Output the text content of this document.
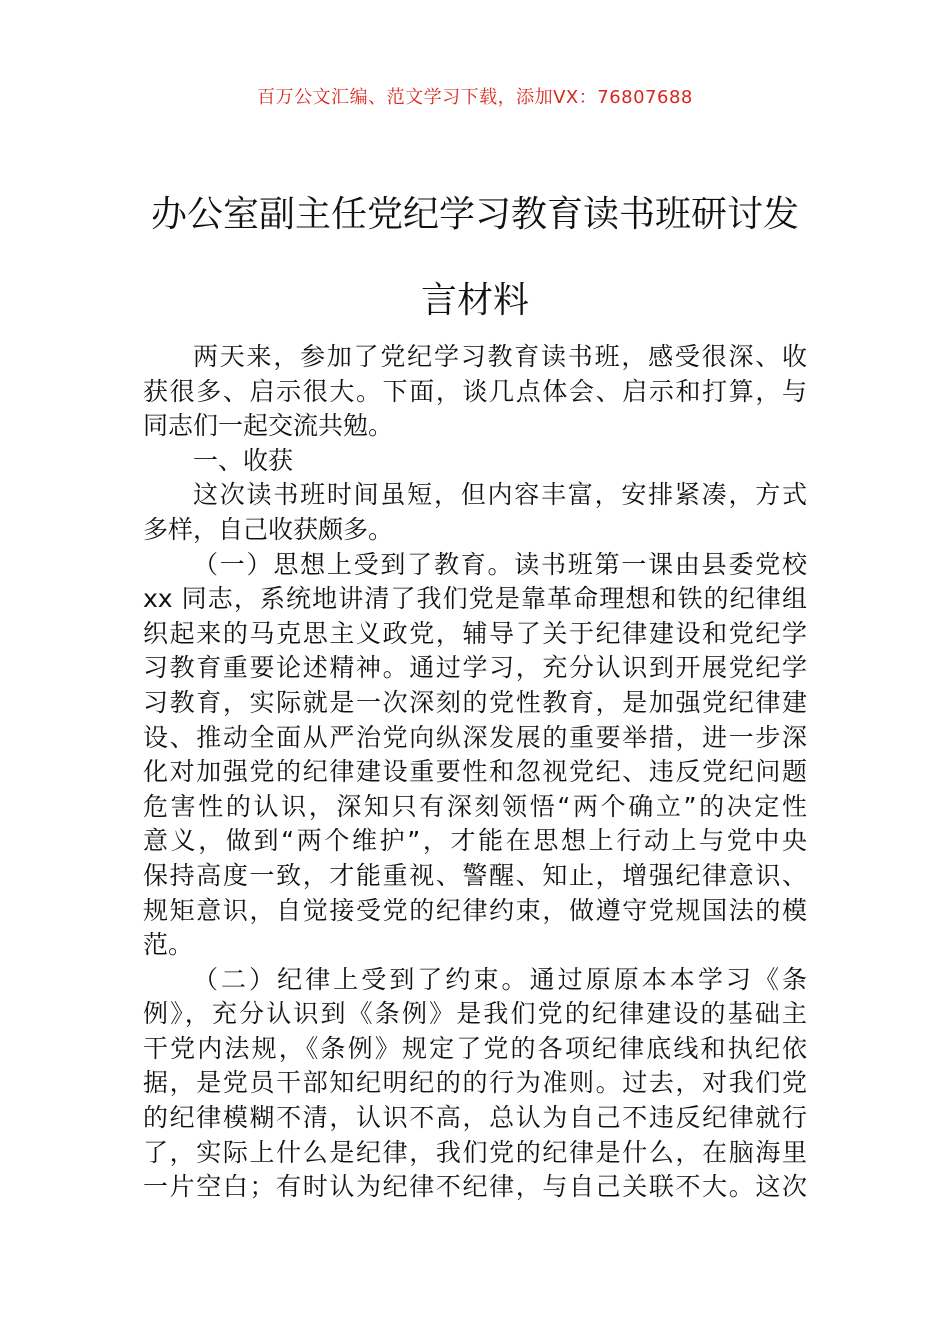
百万公文汇编、范文学习下载，添加VX：76807688
办公室副主任党纪学习教育读书班研讨发
言材料

两天来，参加了党纪学习教育读书班，感受很深、收
获很多、启示很大。下面，谈几点体会、启示和打算，与
同志们一起交流共勉。

一、收获

这次读书班时间虽短，但内容丰富，安排紧凑，方式
多样，自己收获颇多。

（一）思想上受到了教育。读书班第一课由县委党校
xx 同志，系统地讲清了我们党是靠革命理想和铁的纪律组
织起来的马克思主义政党，辅导了关于纪律建设和党纪学
习教育重要论述精神。通过学习，充分认识到开展党纪学
习教育，实际就是一次深刻的党性教育，是加强党纪律建
设、推动全面从严治党向纵深发展的重要举措，进一步深
化对加强党的纪律建设重要性和忽视党纪、违反党纪问题
危害性的认识，深知只有深刻领悟“两个确立”的决定性
意义，做到“两个维护”，才能在思想上行动上与党中央
保持高度一致，才能重视、警醒、知止，增强纪律意识、
规矩意识，自觉接受党的纪律约束，做遵守党规国法的模
范。

（二）纪律上受到了约束。通过原原本本学习《条
例》，充分认识到《条例》是我们党的纪律建设的基础主
干党内法规，《条例》规定了党的各项纪律底线和执纪依
据，是党员干部知纪明纪的的行为准则。过去，对我们党
的纪律模糊不清，认识不高，总认为自己不违反纪律就行
了，实际上什么是纪律，我们党的纪律是什么，在脑海里
一片空白；有时认为纪律不纪律，与自己关联不大。这次
